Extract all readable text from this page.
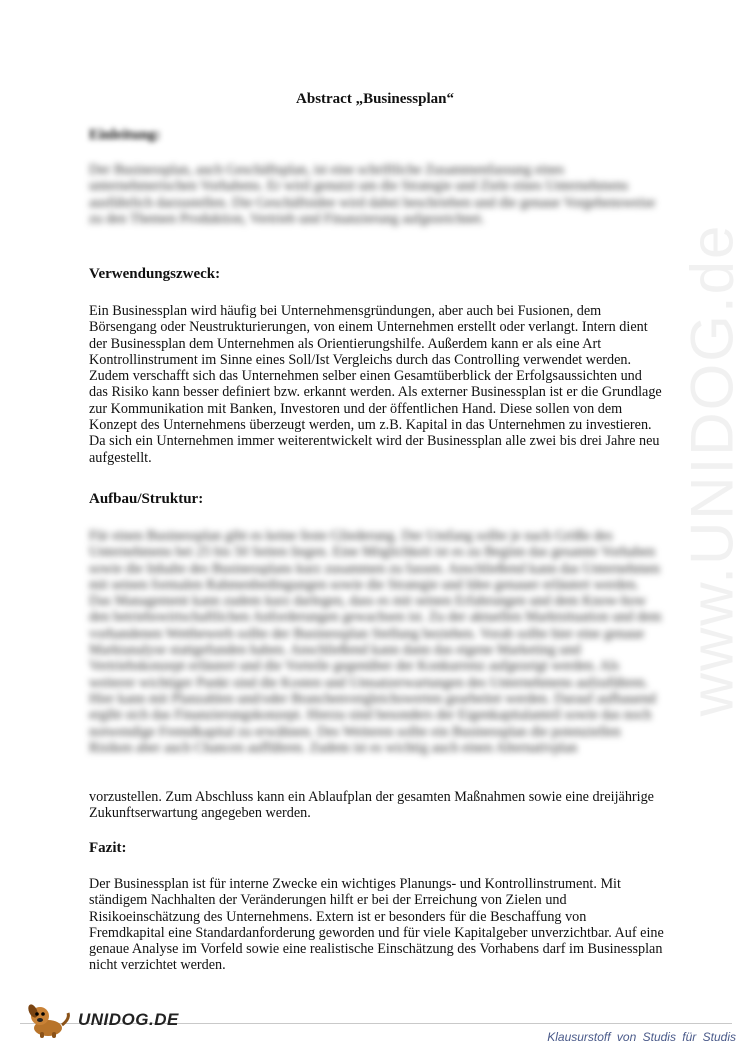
www.UNIDOG.de
Abstract „Businessplan“
Einleitung:

Der Businessplan, auch Geschäftsplan, ist eine schriftliche Zusammenfassung eines unternehmerischen Vorhabens. Er wird genutzt um die Strategie und Ziele eines Unternehmens ausführlich darzustellen. Die Geschäftsidee wird dabei beschrieben und die genaue Vorgehensweise zu den Themen Produktion, Vertrieb und Finanzierung aufgezeichnet.

Verwendungszweck:

Ein Businessplan wird häufig bei Unternehmensgründungen, aber auch bei Fusionen, dem Börsengang oder Neustrukturierungen, von einem Unternehmen erstellt oder verlangt. Intern dient der Businessplan dem Unternehmen als Orientierungshilfe. Außerdem kann er als eine Art Kontrollinstrument im Sinne eines Soll/Ist Vergleichs durch das Controlling verwendet werden. Zudem verschafft sich das Unternehmen selber einen Gesamtüberblick der Erfolgsaussichten und das Risiko kann besser definiert bzw. erkannt werden. Als externer Businessplan ist er die Grundlage zur Kommunikation mit Banken, Investoren und der öffentlichen Hand. Diese sollen von dem Konzept des Unternehmens überzeugt werden, um z.B. Kapital in das Unternehmen zu investieren. Da sich ein Unternehmen immer weiterentwickelt wird der Businessplan alle zwei bis drei Jahre neu aufgestellt.

Aufbau/Struktur:

Für einen Businessplan gibt es keine feste Gliederung. Der Umfang sollte je nach Größe des Unternehmens bei 25 bis 50 Seiten liegen. Eine Möglichkeit ist es zu Beginn das gesamte Vorhaben sowie die Inhalte des Businessplans kurz zusammen zu fassen. Anschließend kann das Unternehmen mit seinen formalen Rahmenbedingungen sowie die Strategie und Idee genauer erläutert werden. Das Management kann zudem kurz darlegen, dass es mit seinen Erfahrungen und dem Know-how den betriebswirtschaftlichen Anforderungen gewachsen ist. Zu der aktuellen Marktsituation und dem vorhandenen Wettbewerb sollte der Businessplan Stellung beziehen. Vorab sollte hier eine genaue Marktanalyse stattgefunden haben. Anschließend kann dann das eigene Marketing und Vertriebskonzept erläutert und die Vorteile gegenüber der Konkurrenz aufgezeigt werden. Als weiterer wichtiger Punkt sind die Kosten und Umsatzerwartungen des Unternehmens aufzuführen. Hier kann mit Planzahlen und/oder Branchenvergleichswerten gearbeitet werden. Darauf aufbauend ergibt sich das Finanzierungskonzept. Hierzu sind besonders der Eigenkapitalanteil sowie das noch notwendige Fremdkapital zu erwähnen. Des Weiteren sollte ein Businessplan die potenziellen Risiken aber auch Chancen aufführen. Zudem ist es wichtig auch einen Alternativplan

vorzustellen. Zum Abschluss kann ein Ablaufplan der gesamten Maßnahmen sowie eine dreijährige Zukunftserwartung angegeben werden.

Fazit:

Der Businessplan ist für interne Zwecke ein wichtiges Planungs- und Kontrollinstrument. Mit ständigem Nachhalten der Veränderungen hilft er bei der Erreichung von Zielen und Risikoeinschätzung des Unternehmens. Extern ist er besonders für die Beschaffung von Fremdkapital eine Standardanforderung geworden und für viele Kapitalgeber unverzichtbar. Auf eine genaue Analyse im Vorfeld sowie eine realistische Einschätzung des Vorhabens darf im Businessplan nicht verzichtet werden.

UNIDOG.DE
Klausurstoff von Studis für Studis
